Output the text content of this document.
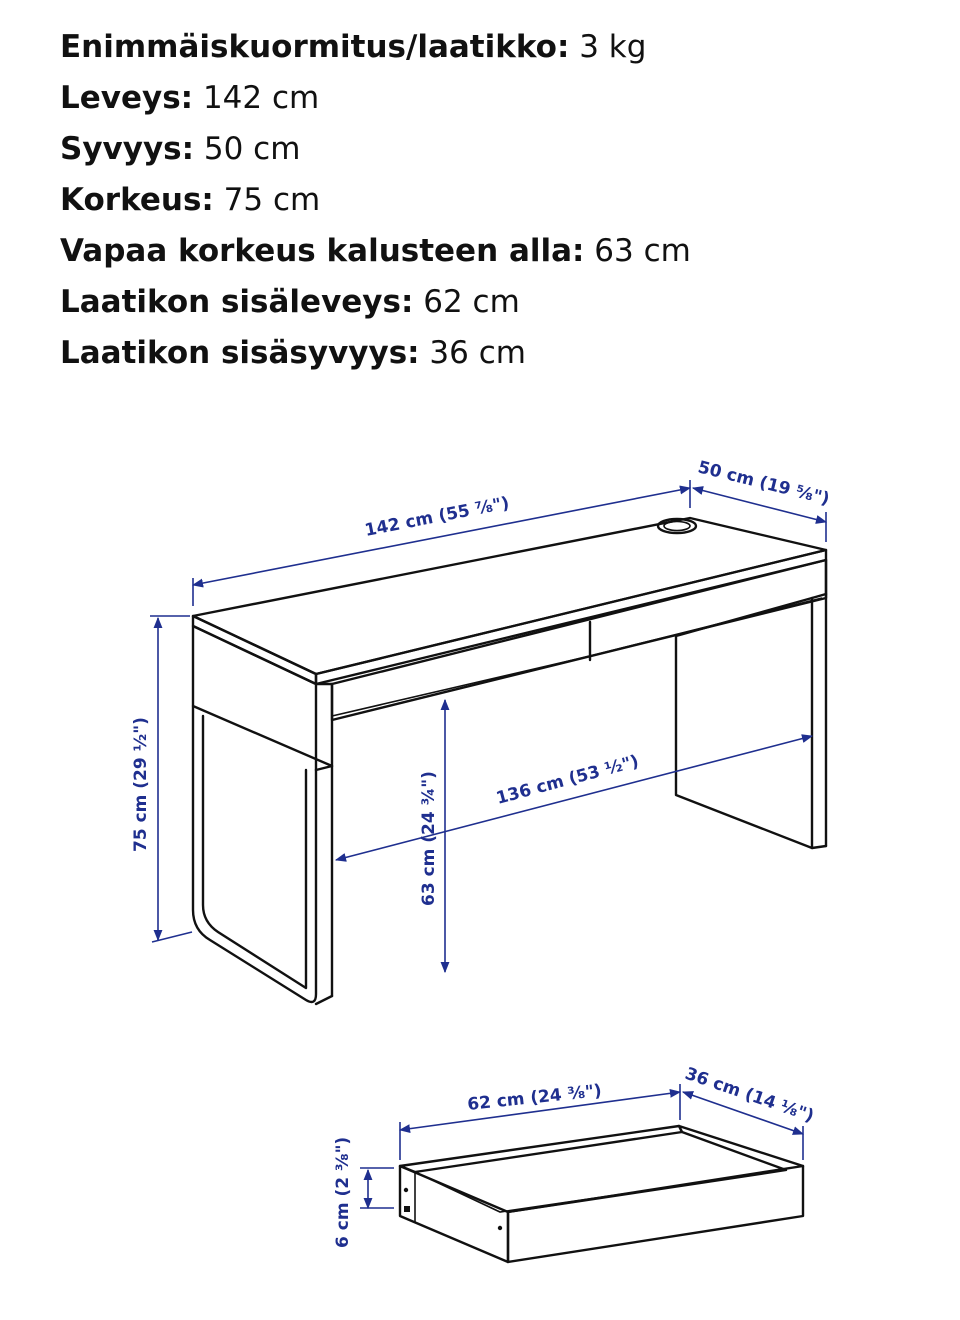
Enimmäiskuormitus/laatikko: 3 kg
Leveys: 142 cm
Syvyys: 50 cm
Korkeus: 75 cm
Vapaa korkeus kalusteen alla: 63 cm
Laatikon sisäleveys: 62 cm
Laatikon sisäsyvyys: 36 cm
142 cm (55 ⅞")
50 cm (19 ⅝")
75 cm (29 ½")	63 cm (24 ¾")	136 cm (53 ½")
62 cm (24 ⅜")	36 cm (14 ⅛")
6 cm (2 ⅜")
